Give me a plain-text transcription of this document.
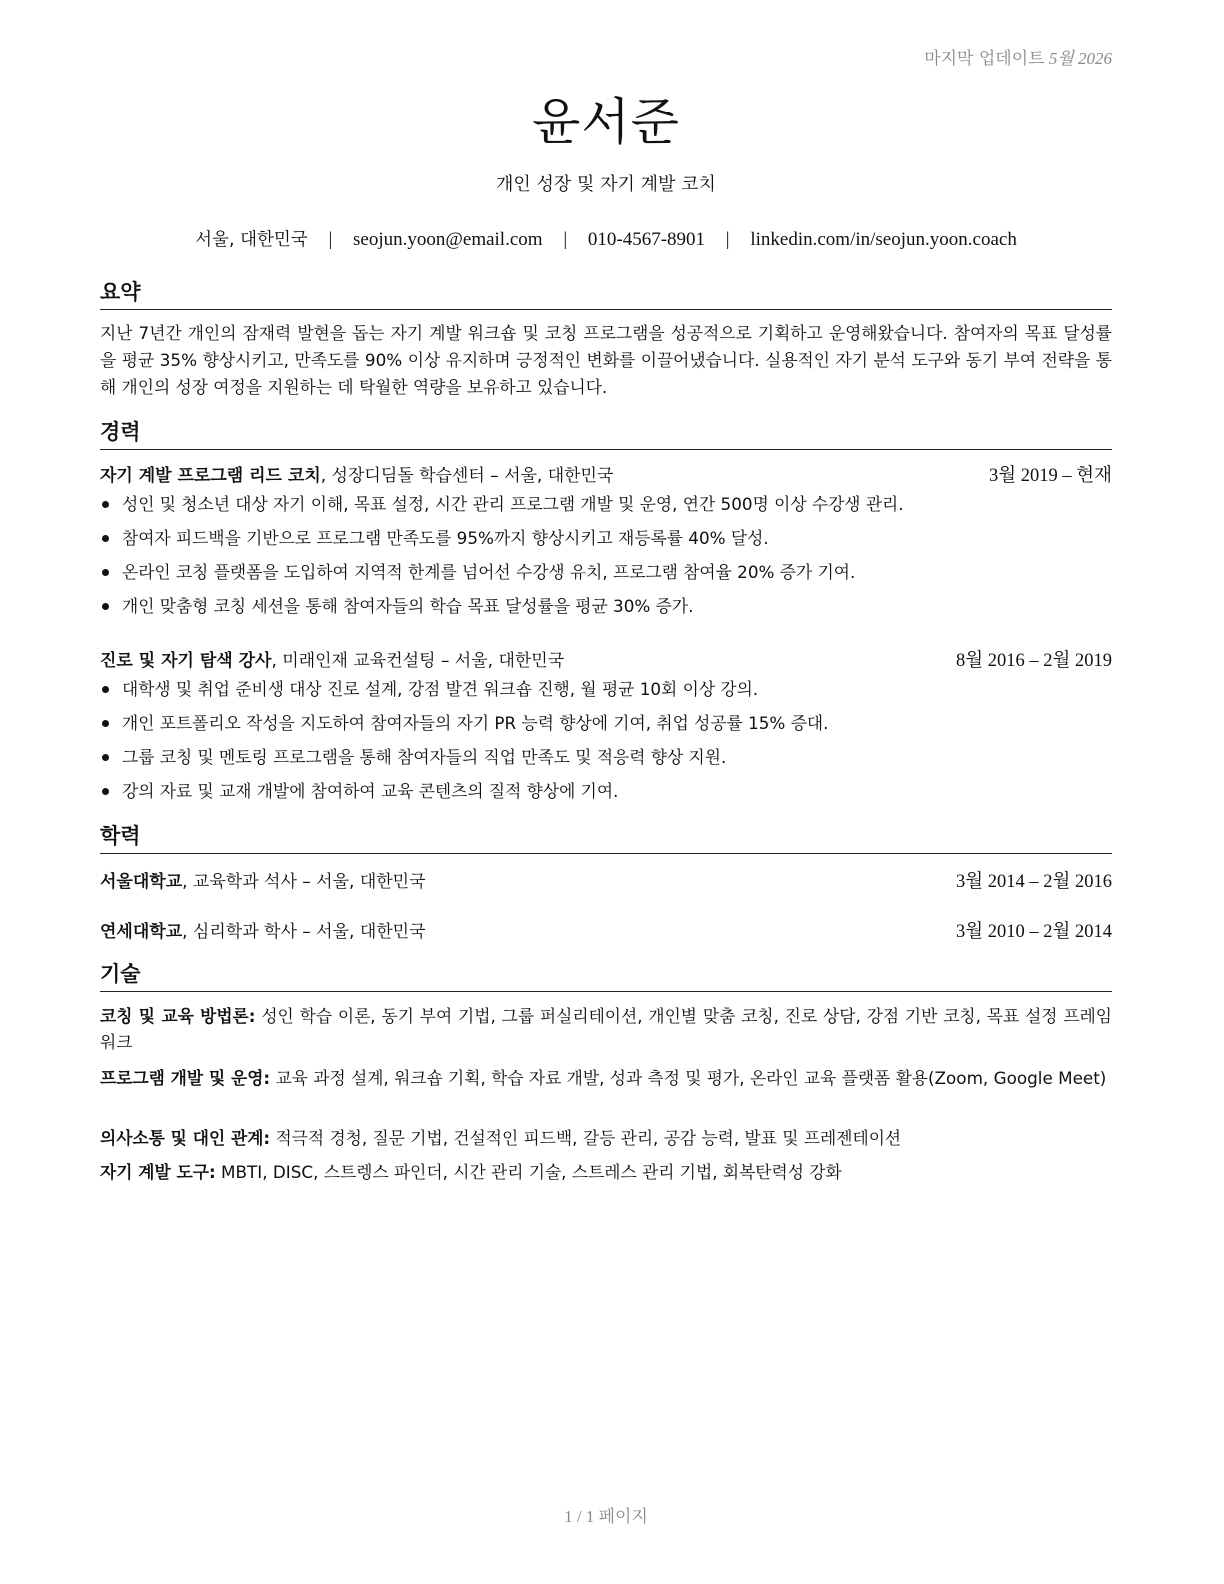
마지막 업데이트 5월 2026
윤서준
개인 성장 및 자기 계발 코치
서울, 대한민국 | seojun.yoon@email.com | 010-4567-8901 | linkedin.com/in/seojun.yoon.coach
요약
지난 7년간 개인의 잠재력 발현을 돕는 자기 계발 워크숍 및 코칭 프로그램을 성공적으로 기획하고 운영해왔습니다. 참여자의 목표 달성률을 평균 35% 향상시키고, 만족도를 90% 이상 유지하며 긍정적인 변화를 이끌어냈습니다. 실용적인 자기 분석 도구와 동기 부여 전략을 통해 개인의 성장 여정을 지원하는 데 탁월한 역량을 보유하고 있습니다.
경력
자기 계발 프로그램 리드 코치, 성장디딤돌 학습센터 – 서울, 대한민국	3월 2019 – 현재
성인 및 청소년 대상 자기 이해, 목표 설정, 시간 관리 프로그램 개발 및 운영, 연간 500명 이상 수강생 관리.
참여자 피드백을 기반으로 프로그램 만족도를 95%까지 향상시키고 재등록률 40% 달성.
온라인 코칭 플랫폼을 도입하여 지역적 한계를 넘어선 수강생 유치, 프로그램 참여율 20% 증가 기여.
개인 맞춤형 코칭 세션을 통해 참여자들의 학습 목표 달성률을 평균 30% 증가.
진로 및 자기 탐색 강사, 미래인재 교육컨설팅 – 서울, 대한민국	8월 2016 – 2월 2019
대학생 및 취업 준비생 대상 진로 설계, 강점 발견 워크숍 진행, 월 평균 10회 이상 강의.
개인 포트폴리오 작성을 지도하여 참여자들의 자기 PR 능력 향상에 기여, 취업 성공률 15% 증대.
그룹 코칭 및 멘토링 프로그램을 통해 참여자들의 직업 만족도 및 적응력 향상 지원.
강의 자료 및 교재 개발에 참여하여 교육 콘텐츠의 질적 향상에 기여.
학력
서울대학교, 교육학과 석사 – 서울, 대한민국	3월 2014 – 2월 2016
연세대학교, 심리학과 학사 – 서울, 대한민국	3월 2010 – 2월 2014
기술
코칭 및 교육 방법론: 성인 학습 이론, 동기 부여 기법, 그룹 퍼실리테이션, 개인별 맞춤 코칭, 진로 상담, 강점 기반 코칭, 목표 설정 프레임워크
프로그램 개발 및 운영: 교육 과정 설계, 워크숍 기획, 학습 자료 개발, 성과 측정 및 평가, 온라인 교육 플랫폼 활용(Zoom, Google Meet)
의사소통 및 대인 관계: 적극적 경청, 질문 기법, 건설적인 피드백, 갈등 관리, 공감 능력, 발표 및 프레젠테이션
자기 계발 도구: MBTI, DISC, 스트렝스 파인더, 시간 관리 기술, 스트레스 관리 기법, 회복탄력성 강화
1 / 1 페이지
